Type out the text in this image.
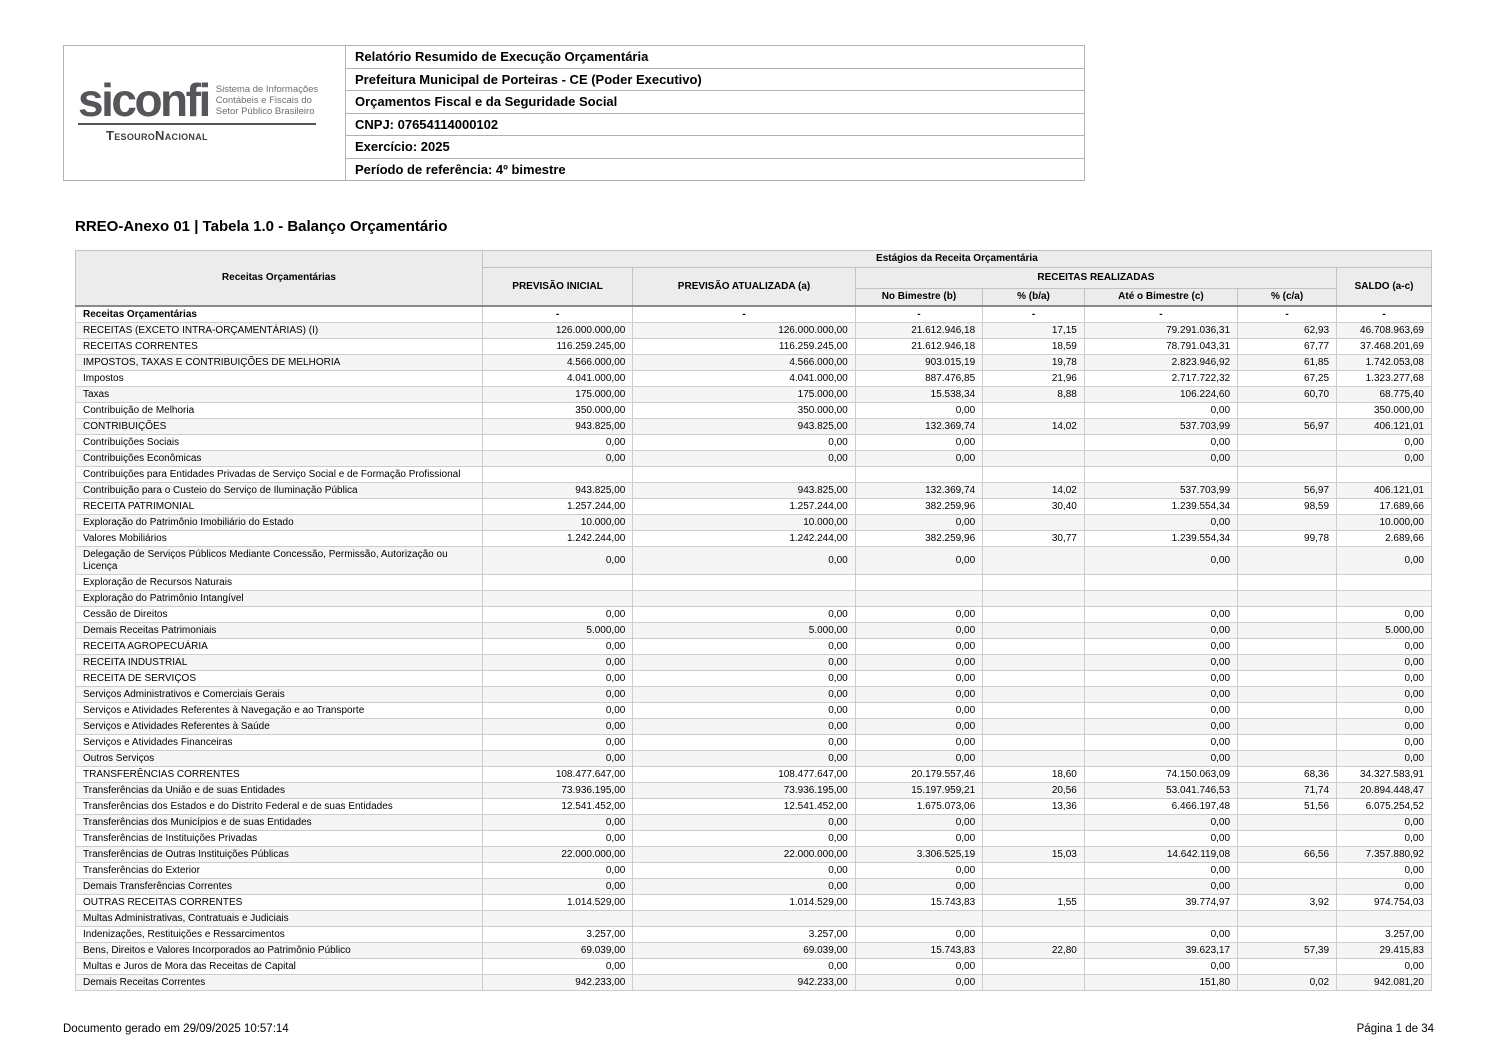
siconfi Sistema de Informações
Contábeis e Fiscais do
Setor Público Brasileiro
TesouroNacional
Relatório Resumido de Execução Orçamentária
Prefeitura Municipal de Porteiras - CE (Poder Executivo)
Orçamentos Fiscal e da Seguridade Social
CNPJ: 07654114000102
Exercício: 2025
Período de referência: 4º bimestre
RREO-Anexo 01 | Tabela 1.0 - Balanço Orçamentário
Receitas Orçamentárias	Estágios da Receita Orçamentária						
	PREVISÃO INICIAL	PREVISÃO ATUALIZADA (a)	RECEITAS REALIZADAS				SALDO (a-c)
			No Bimestre (b)	% (b/a)	Até o Bimestre (c)	% (c/a)	
Receitas Orçamentárias	-	-	-	-	-	-	-
RECEITAS (EXCETO INTRA-ORÇAMENTÁRIAS) (I)	126.000.000,00	126.000.000,00	21.612.946,18	17,15	79.291.036,31	62,93	46.708.963,69
RECEITAS CORRENTES	116.259.245,00	116.259.245,00	21.612.946,18	18,59	78.791.043,31	67,77	37.468.201,69
IMPOSTOS, TAXAS E CONTRIBUIÇÕES DE MELHORIA	4.566.000,00	4.566.000,00	903.015,19	19,78	2.823.946,92	61,85	1.742.053,08
Impostos	4.041.000,00	4.041.000,00	887.476,85	21,96	2.717.722,32	67,25	1.323.277,68
Taxas	175.000,00	175.000,00	15.538,34	8,88	106.224,60	60,70	68.775,40
Contribuição de Melhoria	350.000,00	350.000,00	0,00		0,00		350.000,00
CONTRIBUIÇÕES	943.825,00	943.825,00	132.369,74	14,02	537.703,99	56,97	406.121,01
Contribuições Sociais	0,00	0,00	0,00		0,00		0,00
Contribuições Econômicas	0,00	0,00	0,00		0,00		0,00
Contribuições para Entidades Privadas de Serviço Social e de Formação Profissional							
Contribuição para o Custeio do Serviço de Iluminação Pública	943.825,00	943.825,00	132.369,74	14,02	537.703,99	56,97	406.121,01
RECEITA PATRIMONIAL	1.257.244,00	1.257.244,00	382.259,96	30,40	1.239.554,34	98,59	17.689,66
Exploração do Patrimônio Imobiliário do Estado	10.000,00	10.000,00	0,00		0,00		10.000,00
Valores Mobiliários	1.242.244,00	1.242.244,00	382.259,96	30,77	1.239.554,34	99,78	2.689,66
Delegação de Serviços Públicos Mediante Concessão, Permissão, Autorização ou Licença	0,00	0,00	0,00		0,00		0,00
Exploração de Recursos Naturais							
Exploração do Patrimônio Intangível							
Cessão de Direitos	0,00	0,00	0,00		0,00		0,00
Demais Receitas Patrimoniais	5.000,00	5.000,00	0,00		0,00		5.000,00
RECEITA AGROPECUÁRIA	0,00	0,00	0,00		0,00		0,00
RECEITA INDUSTRIAL	0,00	0,00	0,00		0,00		0,00
RECEITA DE SERVIÇOS	0,00	0,00	0,00		0,00		0,00
Serviços Administrativos e Comerciais Gerais	0,00	0,00	0,00		0,00		0,00
Serviços e Atividades Referentes à Navegação e ao Transporte	0,00	0,00	0,00		0,00		0,00
Serviços e Atividades Referentes à Saúde	0,00	0,00	0,00		0,00		0,00
Serviços e Atividades Financeiras	0,00	0,00	0,00		0,00		0,00
Outros Serviços	0,00	0,00	0,00		0,00		0,00
TRANSFERÊNCIAS CORRENTES	108.477.647,00	108.477.647,00	20.179.557,46	18,60	74.150.063,09	68,36	34.327.583,91
Transferências da União e de suas Entidades	73.936.195,00	73.936.195,00	15.197.959,21	20,56	53.041.746,53	71,74	20.894.448,47
Transferências dos Estados e do Distrito Federal e de suas Entidades	12.541.452,00	12.541.452,00	1.675.073,06	13,36	6.466.197,48	51,56	6.075.254,52
Transferências dos Municípios e de suas Entidades	0,00	0,00	0,00		0,00		0,00
Transferências de Instituições Privadas	0,00	0,00	0,00		0,00		0,00
Transferências de Outras Instituições Públicas	22.000.000,00	22.000.000,00	3.306.525,19	15,03	14.642.119,08	66,56	7.357.880,92
Transferências do Exterior	0,00	0,00	0,00		0,00		0,00
Demais Transferências Correntes	0,00	0,00	0,00		0,00		0,00
OUTRAS RECEITAS CORRENTES	1.014.529,00	1.014.529,00	15.743,83	1,55	39.774,97	3,92	974.754,03
Multas Administrativas, Contratuais e Judiciais							
Indenizações, Restituições e Ressarcimentos	3.257,00	3.257,00	0,00		0,00		3.257,00
Bens, Direitos e Valores Incorporados ao Patrimônio Público	69.039,00	69.039,00	15.743,83	22,80	39.623,17	57,39	29.415,83
Multas e Juros de Mora das Receitas de Capital	0,00	0,00	0,00		0,00		0,00
Demais Receitas Correntes	942.233,00	942.233,00	0,00		151,80	0,02	942.081,20
Documento gerado em 29/09/2025 10:57:14	Página 1 de 34
